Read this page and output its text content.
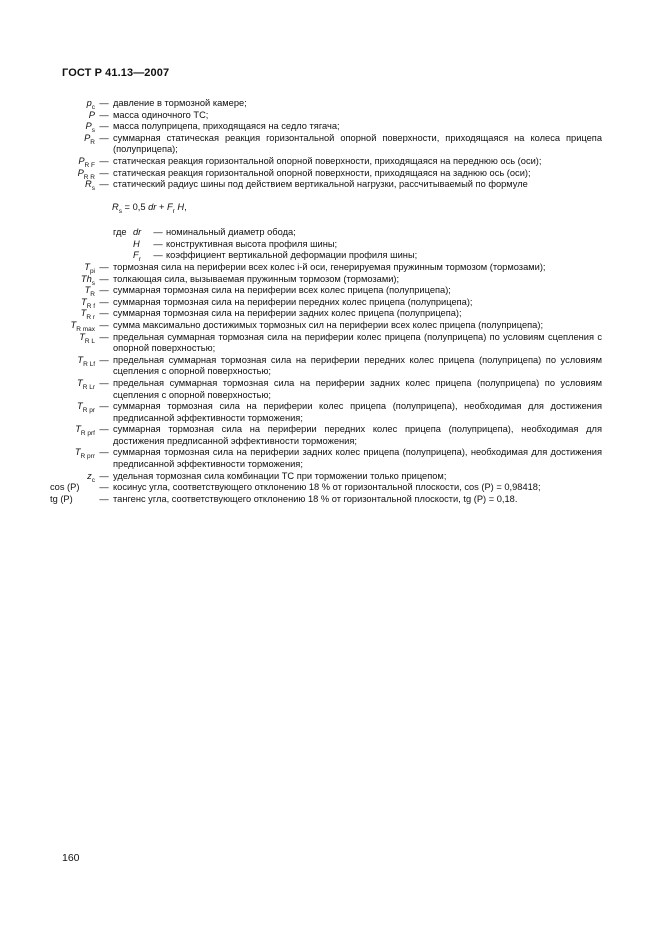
ГОСТ Р 41.13—2007
$p_c$ — давление в тормозной камере;
P — масса одиночного ТС;
$P_s$ — масса полуприцепа, приходящаяся на седло тягача;
$P_R$ — суммарная статическая реакция горизонтальной опорной поверхности, приходящаяся на колеса прицепа (полуприцепа);
$P_{R F}$ — статическая реакция горизонтальной опорной поверхности, приходящаяся на переднюю ось (оси);
$P_{R R}$ — статическая реакция горизонтальной опорной поверхности, приходящаяся на заднюю ось (оси);
$R_s$ — статический радиус шины под действием вертикальной нагрузки, рассчитываемый по формуле
$R_s = 0,5$ dr + $F_r$ H,
где dr	— номинальный диаметр обода;
H	— конструктивная высота профиля шины;
$F_r$	— коэффициент вертикальной деформации профиля шины;
$T_{pi}$ — тормозная сила на периферии всех колес i-й оси, генерируемая пружинным тормозом (тормозами);
$Th_s$ — толкающая сила, вызываемая пружинным тормозом (тормозами);
$T_R$ — суммарная тормозная сила на периферии всех колес прицепа (полуприцепа);
$T_{R f}$ — суммарная тормозная сила на периферии передних колес прицепа (полуприцепа);
$T_{R r}$ — суммарная тормозная сила на периферии задних колес прицепа (полуприцепа);
$T_{R max}$ — сумма максимально достижимых тормозных сил на периферии всех колес прицепа (полуприцепа);
$T_{R L}$ — предельная суммарная тормозная сила на периферии колес прицепа (полуприцепа) по условиям сцепления с опорной поверхностью;
$T_{R Lf}$ — предельная суммарная тормозная сила на периферии передних колес прицепа (полуприцепа) по условиям сцепления с опорной поверхностью;
$T_{R Lr}$ — предельная суммарная тормозная сила на периферии задних колес прицепа (полуприцепа) по условиям сцепления с опорной поверхностью;
$T_{R pr}$ — суммарная тормозная сила на периферии колес прицепа (полуприцепа), необходимая для достижения предписанной эффективности торможения;
$T_{R prf}$ — суммарная тормозная сила на периферии передних колес прицепа (полуприцепа), необходимая для достижения предписанной эффективности торможения;
$T_{R prr}$ — суммарная тормозная сила на периферии задних колес прицепа (полуприцепа), необходимая для достижения предписанной эффективности торможения;
$z_c$ — удельная тормозная сила комбинации ТС при торможении только прицепом;
cos (P)	— косинус угла, соответствующего отклонению 18 % от горизонтальной плоскости, cos (P) = 0,98418;
tg (P)	— тангенс угла, соответствующего отклонению 18 % от горизонтальной плоскости, tg (P) = 0,18.
160
